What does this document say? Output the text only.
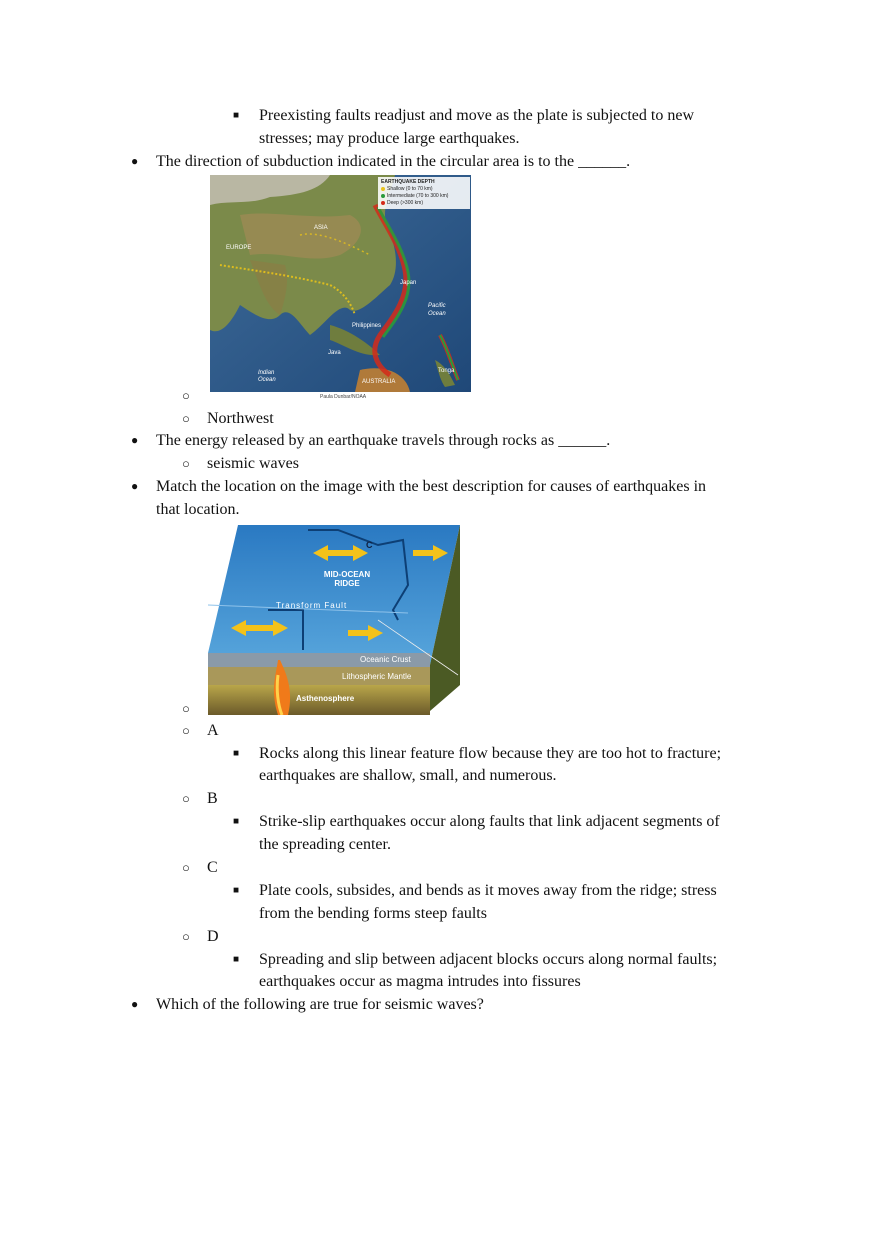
■ Preexisting faults readjust and move as the plate is subjected to new
stresses; may produce large earthquakes.
● The direction of subduction indicated in the circular area is to the ______.
EARTHQUAKE DEPTH
Shallow (0 to 70 km)
Intermediate (70 to 300 km)
Deep (>300 km)
ASIA
EUROPE
Japan
Pacific
Ocean
Philippines
Java
Indian
Ocean	AUSTRALIA
Tonga
Paula Dunbar/NOAA
○
○ Northwest
● The energy released by an earthquake travels through rocks as ______.
○ seismic waves
● Match the location on the image with the best description for causes of earthquakes in
that location.
C
MID-OCEAN
RIDGE
Transform Fault
Oceanic Crust
Lithospheric Mantle
Asthenosphere
○
○ A
■ Rocks along this linear feature flow because they are too hot to fracture;
earthquakes are shallow, small, and numerous.
○ B
■ Strike-slip earthquakes occur along faults that link adjacent segments of
the spreading center.
○ C
■ Plate cools, subsides, and bends as it moves away from the ridge; stress
from the bending forms steep faults
○ D
■ Spreading and slip between adjacent blocks occurs along normal faults;
earthquakes occur as magma intrudes into fissures
● Which of the following are true for seismic waves?
